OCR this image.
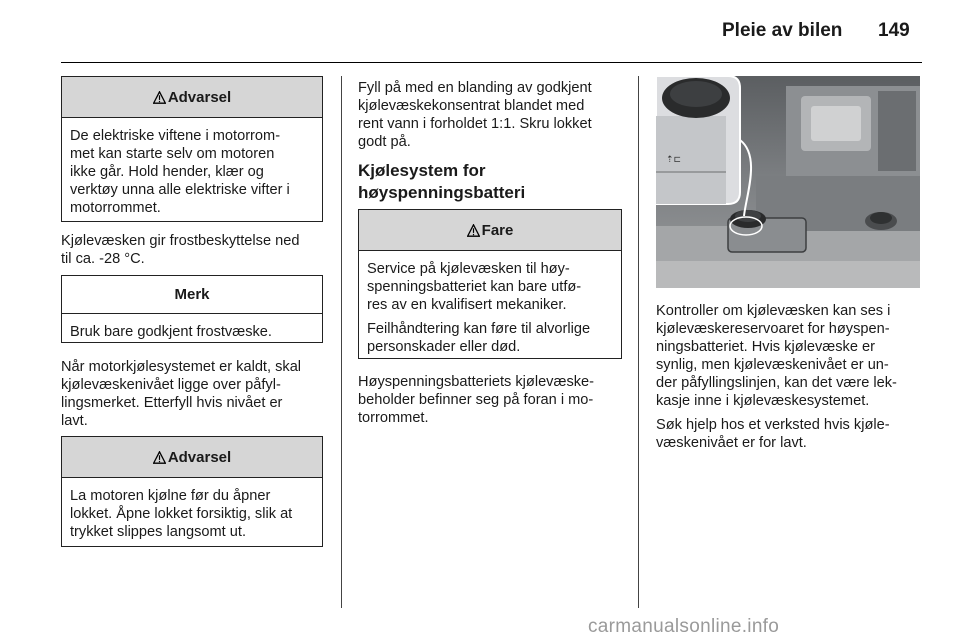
Pleie av bilen 149
Advarsel
De elektriske viftene i motorrom-
met kan starte selv om motoren
ikke går. Hold hender, klær og
verktøy unna alle elektriske vifter i
motorrommet.
Kjølevæsken gir frostbeskyttelse ned
til ca. -28 °C.
Merk
Bruk bare godkjent frostvæske.
Når motorkjølesystemet er kaldt, skal
kjølevæskenivået ligge over påfyl-
lingsmerket. Etterfyll hvis nivået er
lavt.
Advarsel
La motoren kjølne før du åpner
lokket. Åpne lokket forsiktig, slik at
trykket slippes langsomt ut.
Fyll på med en blanding av godkjent
kjølevæskekonsentrat blandet med
rent vann i forholdet 1:1. Skru lokket
godt på.
Kjølesystem for
høyspenningsbatteri
Fare

Service på kjølevæsken til høy-
spenningsbatteriet kan bare utfø-
res av en kvalifisert mekaniker.

Feilhåndtering kan føre til alvorlige
personskader eller død.

Høyspenningsbatteriets kjølevæske-
beholder befinner seg på foran i mo-
torrommet.
⇡⊏
Kontroller om kjølevæsken kan ses i
kjølevæskereservoaret for høyspen-
ningsbatteriet. Hvis kjølevæske er
synlig, men kjølevæskenivået er un-
der påfyllingslinjen, kan det være lek-
kasje inne i kjølevæskesystemet.
Søk hjelp hos et verksted hvis kjøle-
væskenivået er for lavt.
carmanualsonline.info
